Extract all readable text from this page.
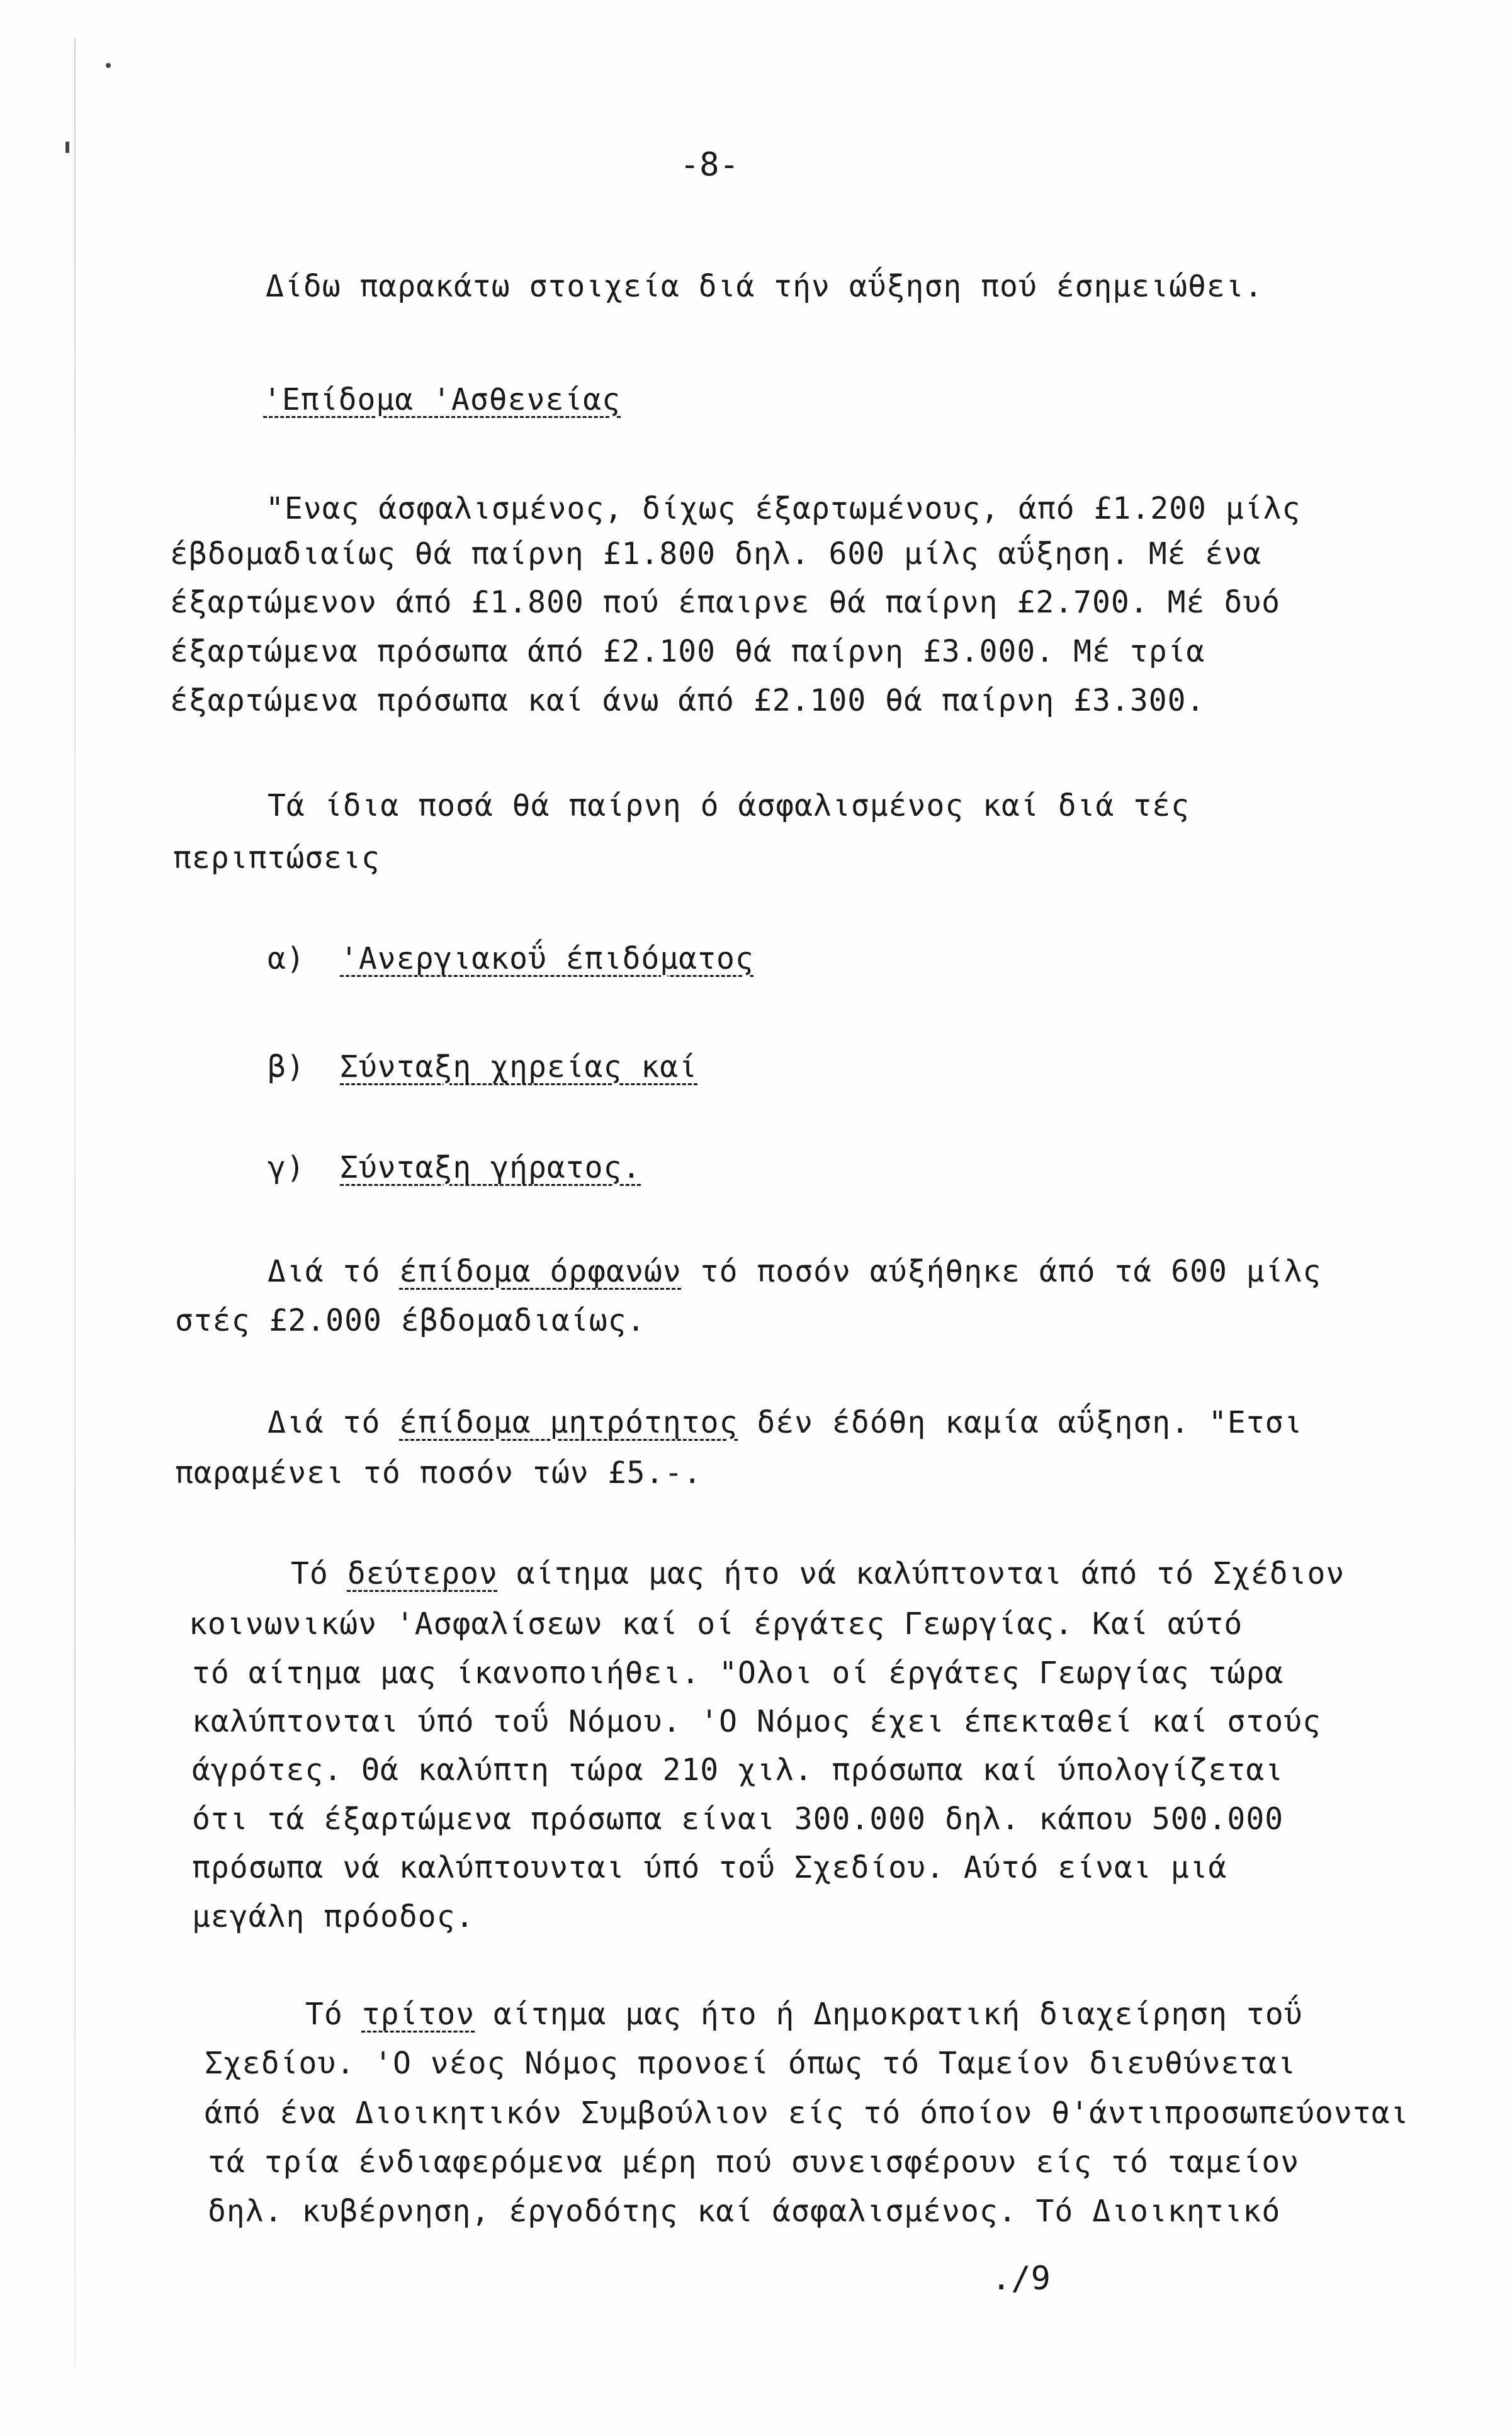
-8-
Δίδω παρακάτω στοιχεία διά τήν αΰξηση πού έσημειώθει.
'Επίδομα 'Ασθενείας
"Ενας άσφαλισμένος, δίχως έξαρτωμένους, άπό £1.200 μίλς
έβδομαδιαίως θά παίρνη £1.800 δηλ. 600 μίλς αΰξηση. Μέ ένα
έξαρτώμενον άπό £1.800 πού έπαιρνε θά παίρνη £2.700. Μέ δυό
έξαρτώμενα πρόσωπα άπό £2.100 θά παίρνη £3.000. Μέ τρία
έξαρτώμενα πρόσωπα καί άνω άπό £2.100 θά παίρνη £3.300.
Τά ίδια ποσά θά παίρνη ό άσφαλισμένος καί διά τές
περιπτώσεις
α) 'Ανεργιακοΰ έπιδόματος
β) Σύνταξη χηρείας καί
γ) Σύνταξη γήρατος.
Διά τό έπίδομα όρφανών τό ποσόν αύξήθηκε άπό τά 600 μίλς
στές £2.000 έβδομαδιαίως.
Διά τό έπίδομα μητρότητος δέν έδόθη καμία αΰξηση. "Ετσι
παραμένει τό ποσόν τών £5.-.
Τό δεύτερον αίτημα μας ήτο νά καλύπτονται άπό τό Σχέδιον
κοινωνικών 'Ασφαλίσεων καί οί έργάτες Γεωργίας. Καί αύτό
τό αίτημα μας ίκανοποιήθει. "Ολοι οί έργάτες Γεωργίας τώρα
καλύπτονται ύπό τοΰ Νόμου. 'Ο Νόμος έχει έπεκταθεί καί στούς
άγρότες. Θά καλύπτη τώρα 210 χιλ. πρόσωπα καί ύπολογίζεται
ότι τά έξαρτώμενα πρόσωπα είναι 300.000 δηλ. κάπου 500.000
πρόσωπα νά καλύπτουνται ύπό τοΰ Σχεδίου. Αύτό είναι μιά
μεγάλη πρόοδος.
Τό τρίτον αίτημα μας ήτο ή Δημοκρατική διαχείρηση τοΰ
Σχεδίου. 'Ο νέος Νόμος προνοεί όπως τό Ταμείον διευθύνεται
άπό ένα Διοικητικόν Συμβούλιον είς τό όποίον θ'άντιπροσωπεύονται
τά τρία ένδιαφερόμενα μέρη πού συνεισφέρουν είς τό ταμείον
δηλ. κυβέρνηση, έργοδότης καί άσφαλισμένος. Τό Διοικητικό
./9
